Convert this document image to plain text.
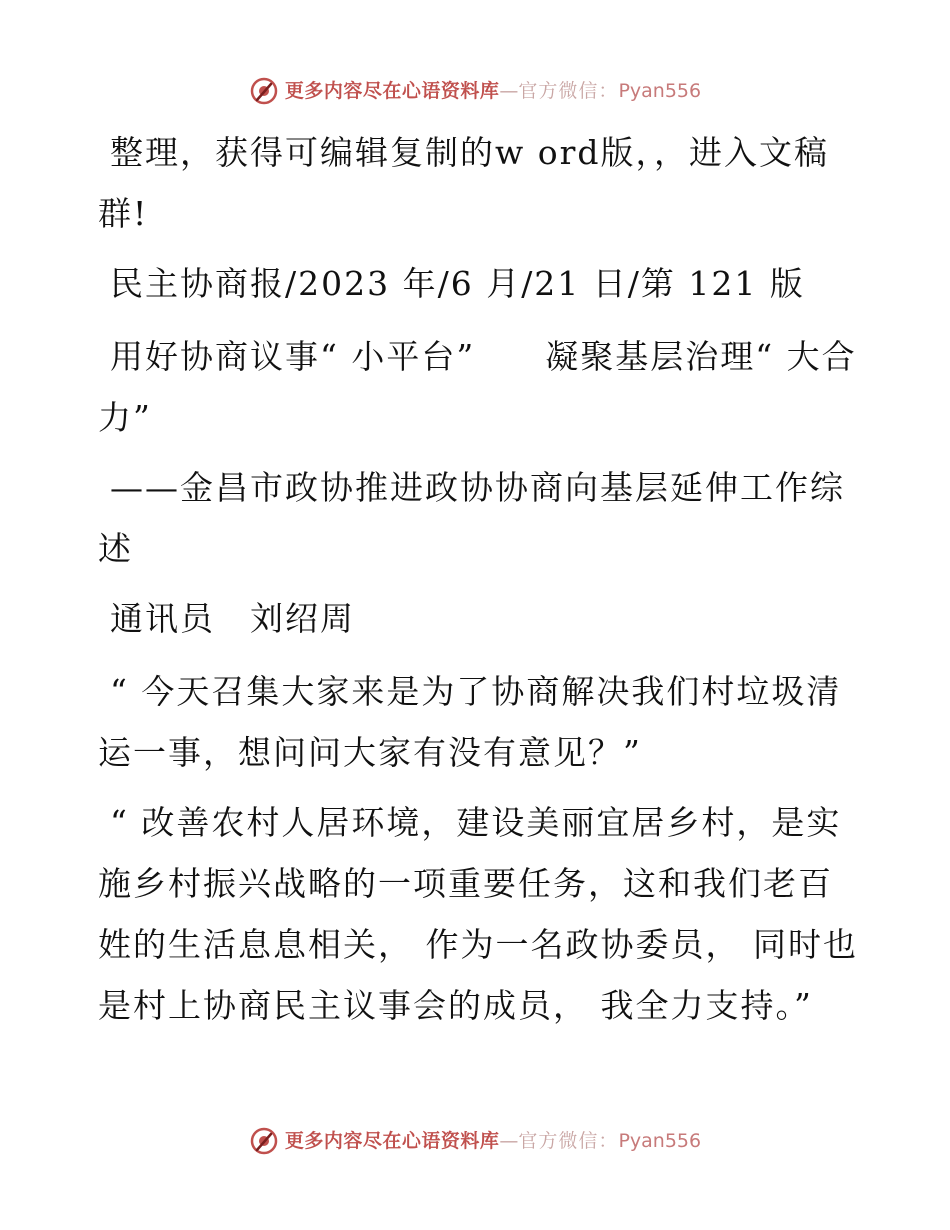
更多内容尽在心语资料库 — 官方微信： Pyan556

整理，获得可编辑复制的w ord版，，进入文稿群!

民主协商报/2023 年/6 月/21 日/第 121 版

用好协商议事“ 小平台”　　凝聚基层治理“ 大合力”

——金昌市政协推进政协协商向基层延伸工作综述

通讯员　刘绍周

“ 今天召集大家来是为了协商解决我们村垃圾清运一事，想问问大家有没有意见？”

“ 改善农村人居环境，建设美丽宜居乡村，是实施乡村振兴战略的一项重要任务，这和我们老百姓的生活息息相关， 作为一名政协委员， 同时也是村上协商民主议事会的成员， 我全力支持。”

更多内容尽在心语资料库 — 官方微信： Pyan556
